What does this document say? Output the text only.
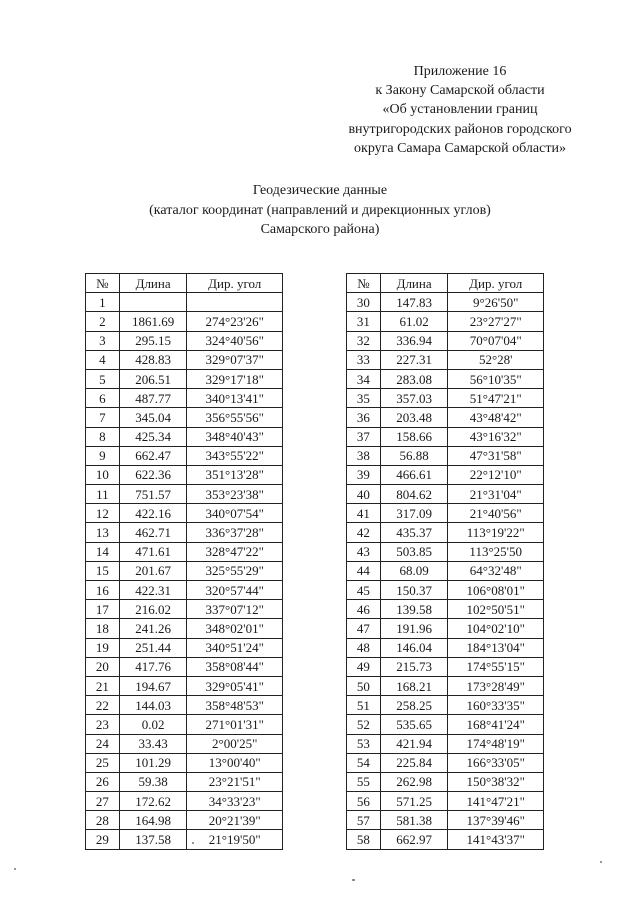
Приложение 16
к Закону Самарской области
«Об установлении границ
внутригородских районов городского
округа Самара Самарской области»
Геодезические данные
(каталог координат (направлений и дирекционных углов)
Самарского района)
№	Длина	Дир. угол
1		
2	1861.69	274°23'26"
3	295.15	324°40'56"
4	428.83	329°07'37"
5	206.51	329°17'18"
6	487.77	340°13'41"
7	345.04	356°55'56"
8	425.34	348°40'43"
9	662.47	343°55'22"
10	622.36	351°13'28"
11	751.57	353°23'38"
12	422.16	340°07'54"
13	462.71	336°37'28"
14	471.61	328°47'22"
15	201.67	325°55'29"
16	422.31	320°57'44"
17	216.02	337°07'12"
18	241.26	348°02'01"
19	251.44	340°51'24"
20	417.76	358°08'44"
21	194.67	329°05'41"
22	144.03	358°48'53"
23	0.02	271°01'31"
24	33.43	2°00'25"
25	101.29	13°00'40"
26	59.38	23°21'51"
27	172.62	34°33'23"
28	164.98	20°21'39"
29	137.58	21°19'50"
№	Длина	Дир. угол
30	147.83	9°26'50"
31	61.02	23°27'27"
32	336.94	70°07'04"
33	227.31	52°28'
34	283.08	56°10'35"
35	357.03	51°47'21"
36	203.48	43°48'42"
37	158.66	43°16'32"
38	56.88	47°31'58"
39	466.61	22°12'10"
40	804.62	21°31'04"
41	317.09	21°40'56"
42	435.37	113°19'22"
43	503.85	113°25'50
44	68.09	64°32'48"
45	150.37	106°08'01"
46	139.58	102°50'51"
47	191.96	104°02'10"
48	146.04	184°13'04"
49	215.73	174°55'15"
50	168.21	173°28'49"
51	258.25	160°33'35"
52	535.65	168°41'24"
53	421.94	174°48'19"
54	225.84	166°33'05"
55	262.98	150°38'32"
56	571.25	141°47'21"
57	581.38	137°39'46"
58	662.97	141°43'37"
